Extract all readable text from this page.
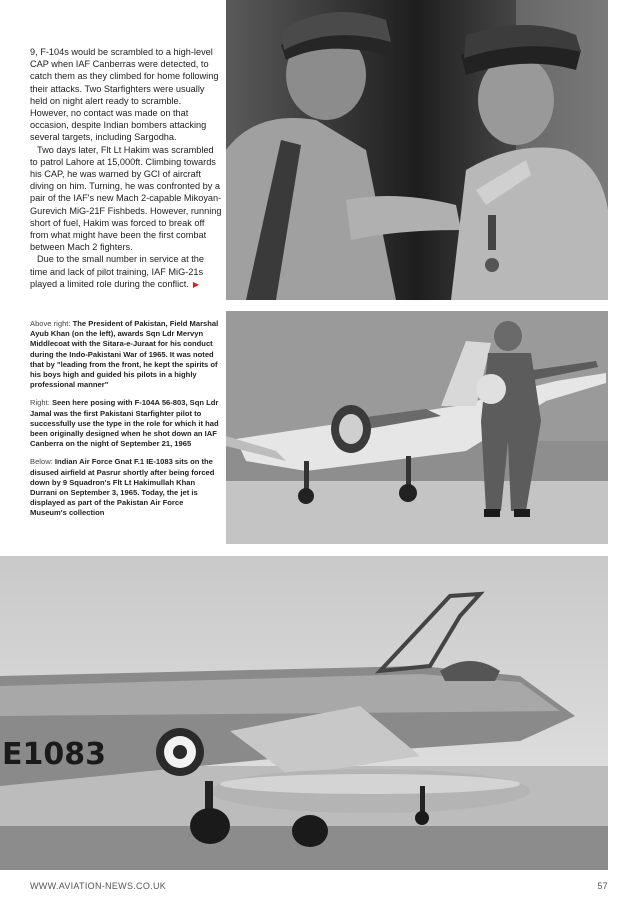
9, F-104s would be scrambled to a high-level CAP when IAF Canberras were detected, to catch them as they climbed for home following their attacks. Two Starfighters were usually held on night alert ready to scramble. However, no contact was made on that occasion, despite Indian bombers attacking several targets, including Sargodha.

Two days later, Flt Lt Hakim was scrambled to patrol Lahore at 15,000ft. Climbing towards his CAP, he was warned by GCI of aircraft diving on him. Turning, he was confronted by a pair of the IAF's new Mach 2-capable Mikoyan-Gurevich MiG-21F Fishbeds. However, running short of fuel, Hakim was forced to break off from what might have been the first combat between Mach 2 fighters.

Due to the small number in service at the time and lack of pilot training, IAF MiG-21s played a limited role during the conflict. ▶

Above right: The President of Pakistan, Field Marshal Ayub Khan (on the left), awards Sqn Ldr Mervyn Middlecoat with the Sitara-e-Juraat for his conduct during the Indo-Pakistani War of 1965. It was noted that by "leading from the front, he kept the spirits of his boys high and guided his pilots in a highly professional manner"

Right: Seen here posing with F-104A 56-803, Sqn Ldr Jamal was the first Pakistani Starfighter pilot to successfully use the type in the role for which it had been originally designed when he shot down an IAF Canberra on the night of September 21, 1965

Below: Indian Air Force Gnat F.1 IE-1083 sits on the disused airfield at Pasrur shortly after being forced down by 9 Squadron's Flt Lt Hakimullah Khan Durrani on September 3, 1965. Today, the jet is displayed as part of the Pakistan Air Force Museum's collection

E1083
WWW.AVIATION-NEWS.CO.UK	57
